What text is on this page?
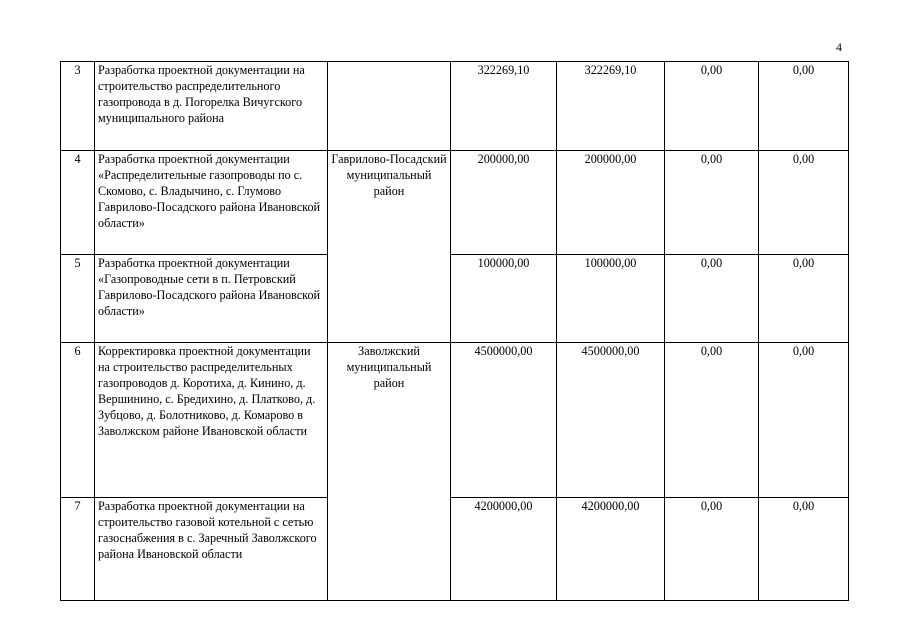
4
3	Разработка проектной документации на строительство распределительного газопровода в д. Погорелка Вичугского муниципального района		322269,10	322269,10	0,00	0,00
4	Разработка проектной документации «Распределительные газопроводы по с. Скомово, с. Владычино, с. Глумово Гаврилово-Посадского района Ивановской области»	Гаврилово-Посадский муниципальный район	200000,00	200000,00	0,00	0,00
5	Разработка проектной документации «Газопроводные сети в п. Петровский Гаврилово-Посадского района Ивановской области»		100000,00	100000,00	0,00	0,00
6	Корректировка проектной документации на строительство распределительных газопроводов д. Коротиха, д. Кинино, д. Вершинино, с. Бредихино, д. Платково, д. Зубцово, д. Болотниково, д. Комарово в Заволжском районе Ивановской области	Заволжский муниципальный район	4500000,00	4500000,00	0,00	0,00
7	Разработка проектной документации на строительство газовой котельной с сетью газоснабжения в с. Заречный Заволжского района Ивановской области		4200000,00	4200000,00	0,00	0,00
